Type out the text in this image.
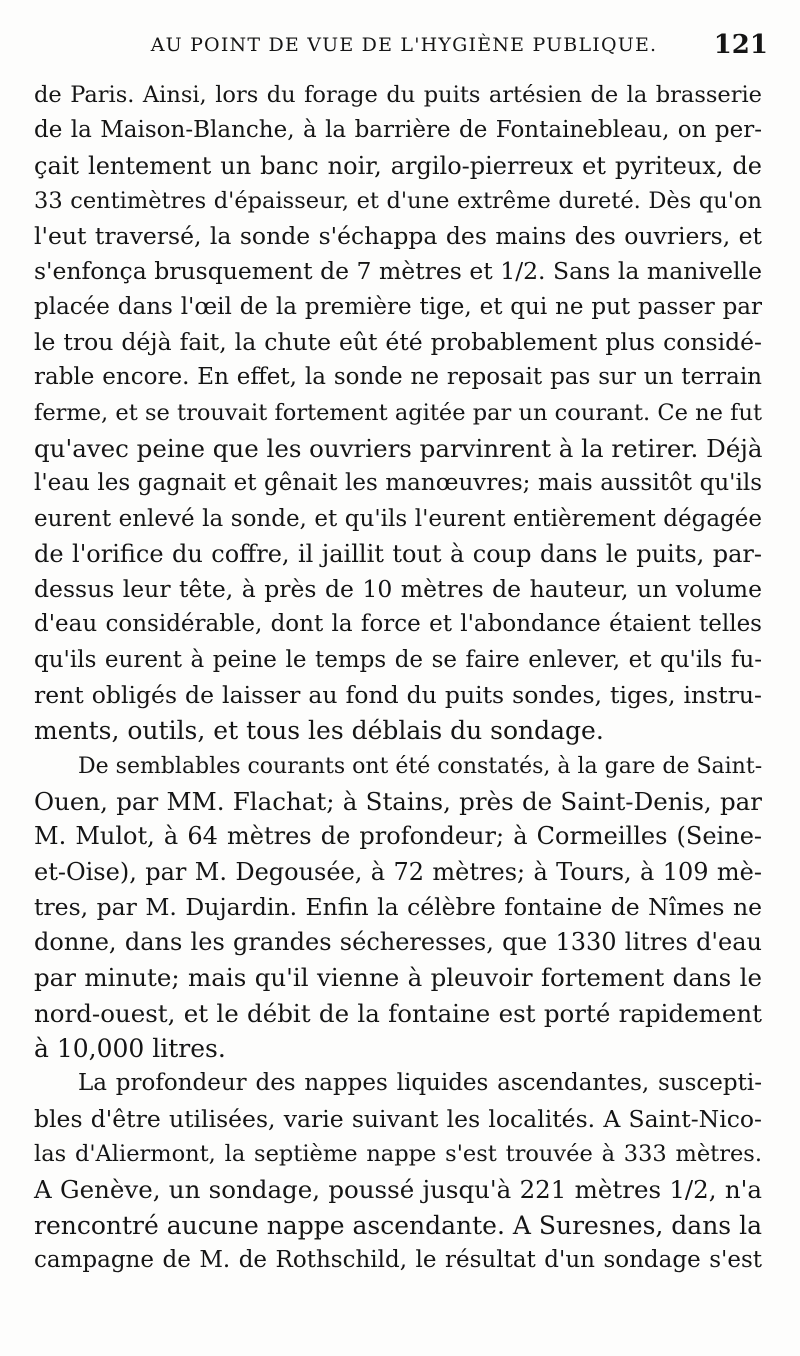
AU POINT DE VUE DE L'HYGIÈNE PUBLIQUE.	121
de Paris. Ainsi, lors du forage du puits artésien de la brasserie
de la Maison-Blanche, à la barrière de Fontainebleau, on per-
çait lentement un banc noir, argilo-pierreux et pyriteux, de
33 centimètres d'épaisseur, et d'une extrême dureté. Dès qu'on
l'eut traversé, la sonde s'échappa des mains des ouvriers, et
s'enfonça brusquement de 7 mètres et 1/2. Sans la manivelle
placée dans l'œil de la première tige, et qui ne put passer par
le trou déjà fait, la chute eût été probablement plus considé-
rable encore. En effet, la sonde ne reposait pas sur un terrain
ferme, et se trouvait fortement agitée par un courant. Ce ne fut
qu'avec peine que les ouvriers parvinrent à la retirer. Déjà
l'eau les gagnait et gênait les manœuvres; mais aussitôt qu'ils
eurent enlevé la sonde, et qu'ils l'eurent entièrement dégagée
de l'orifice du coffre, il jaillit tout à coup dans le puits, par-
dessus leur tête, à près de 10 mètres de hauteur, un volume
d'eau considérable, dont la force et l'abondance étaient telles
qu'ils eurent à peine le temps de se faire enlever, et qu'ils fu-
rent obligés de laisser au fond du puits sondes, tiges, instru-
ments, outils, et tous les déblais du sondage.
De semblables courants ont été constatés, à la gare de Saint-
Ouen, par MM. Flachat; à Stains, près de Saint-Denis, par
M. Mulot, à 64 mètres de profondeur; à Cormeilles (Seine-
et-Oise), par M. Degousée, à 72 mètres; à Tours, à 109 mè-
tres, par M. Dujardin. Enfin la célèbre fontaine de Nîmes ne
donne, dans les grandes sécheresses, que 1330 litres d'eau
par minute; mais qu'il vienne à pleuvoir fortement dans le
nord-ouest, et le débit de la fontaine est porté rapidement
à 10,000 litres.
La profondeur des nappes liquides ascendantes, suscepti-
bles d'être utilisées, varie suivant les localités. A Saint-Nico-
las d'Aliermont, la septième nappe s'est trouvée à 333 mètres.
A Genève, un sondage, poussé jusqu'à 221 mètres 1/2, n'a
rencontré aucune nappe ascendante. A Suresnes, dans la
campagne de M. de Rothschild, le résultat d'un sondage s'est
